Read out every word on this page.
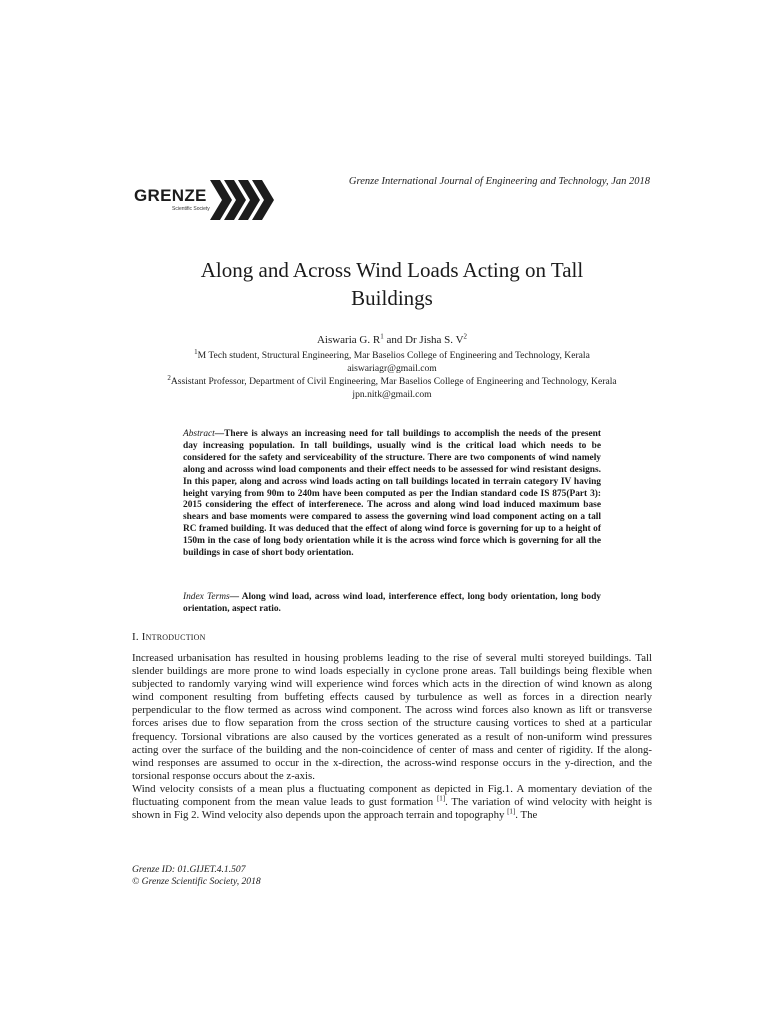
GRENZE
Scientific Society
Grenze International Journal of Engineering and Technology, Jan 2018
Along and Across Wind Loads Acting on Tall
Buildings
Aiswaria G. $R^1$ and Dr Jisha S. $V^2$
$^1$M Tech student, Structural Engineering, Mar Baselios College of Engineering and Technology, Kerala
aiswariagr@gmail.com
$^2$Assistant Professor, Department of Civil Engineering, Mar Baselios College of Engineering and Technology, Kerala
jpn.nitk@gmail.com
Abstract—There is always an increasing need for tall buildings to accomplish the needs of the present day increasing population. In tall buildings, usually wind is the critical load which needs to be considered for the safety and serviceability of the structure. There are two components of wind namely along and acrosss wind load components and their effect needs to be assessed for wind resistant designs. In this paper, along and across wind loads acting on tall buildings located in terrain category IV having height varying from 90m to 240m have been computed as per the Indian standard code IS 875(Part 3): 2015 considering the effect of interferenece. The across and along wind load induced maximum base shears and base moments were compared to assess the governing wind load component acting on a tall RC framed building. It was deduced that the effect of along wind force is governing for up to a height of 150m in the case of long body orientation while it is the across wind force which is governing for all the buildings in case of short body orientation.
Index Terms— Along wind load, across wind load, interference effect, long body orientation, long body orientation, aspect ratio.
I. Introduction

Increased urbanisation has resulted in housing problems leading to the rise of several multi storeyed buildings. Tall slender buildings are more prone to wind loads especially in cyclone prone areas. Tall buildings being flexible when subjected to randomly varying wind will experience wind forces which acts in the direction of wind known as along wind component resulting from buffeting effects caused by turbulence as well as forces in a direction nearly perpendicular to the flow termed as across wind component. The across wind forces also known as lift or transverse forces arises due to flow separation from the cross section of the structure causing vortices to shed at a particular frequency. Torsional vibrations are also caused by the vortices generated as a result of non-uniform wind pressures acting over the surface of the building and the non-coincidence of center of mass and center of rigidity. If the along-wind responses are assumed to occur in the x-direction, the across-wind response occurs in the y-direction, and the torsional response occurs about the z-axis.

Wind velocity consists of a mean plus a fluctuating component as depicted in Fig.1. A momentary deviation of the fluctuating component from the mean value leads to gust formation [1]. The variation of wind velocity with height is shown in Fig 2. Wind velocity also depends upon the approach terrain and topography [1]. The

Grenze ID: 01.GIJET.4.1.507
© Grenze Scientific Society, 2018
